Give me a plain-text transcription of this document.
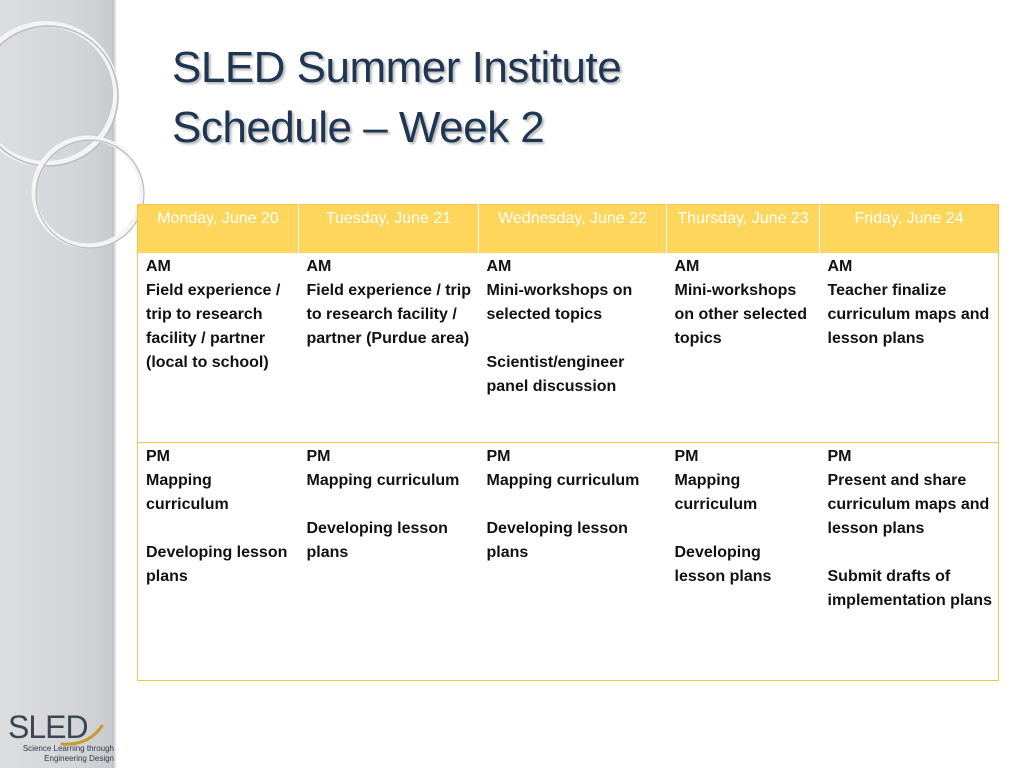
SLED Summer Institute
Schedule – Week 2
Monday, June 20	Tuesday, June 21	Wednesday, June 22	Thursday, June 23	Friday, June 24

AM
Field experience / trip to research facility / partner (local to school)	AM
Field experience / trip to research facility / partner (Purdue area)	AM
Mini-workshops on selected topics
Scientist/engineer panel discussion	AM
Mini-workshops on other selected topics	AM
Teacher finalize curriculum maps and lesson plans

PM
Mapping curriculum
Developing lesson plans	PM
Mapping curriculum
Developing lesson plans	PM
Mapping curriculum
Developing lesson plans	PM
Mapping curriculum
Developing lesson plans	PM
Present and share curriculum maps and lesson plans
Submit drafts of implementation plans
SLED
Science Learning through
Engineering Design
